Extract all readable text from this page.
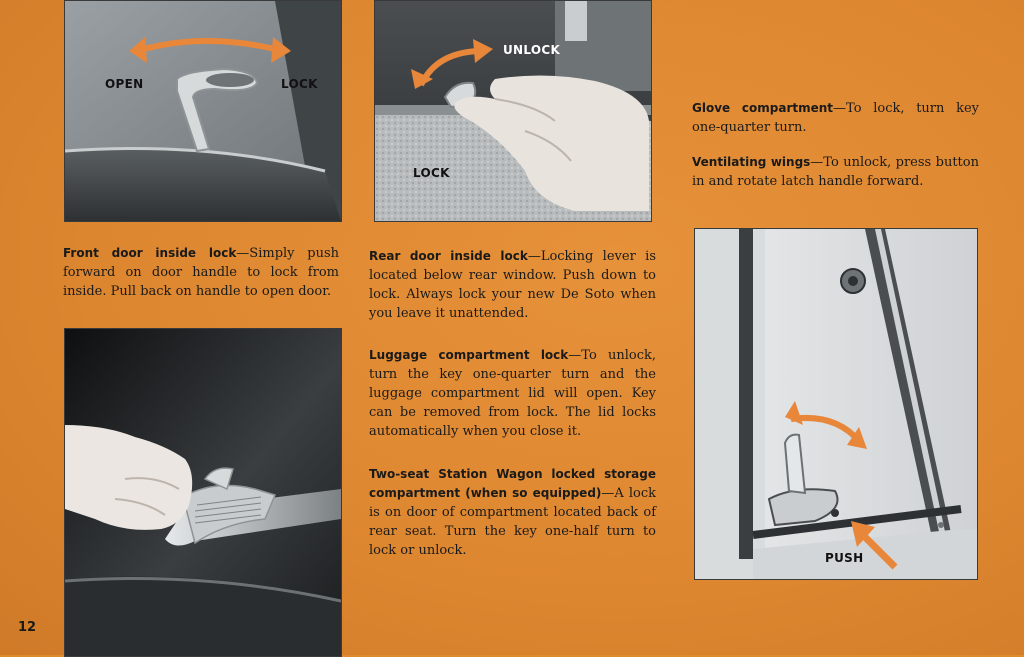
OPEN	LOCK
UNLOCK
LOCK
PUSH
Front door inside lock—Simply push forward on door handle to lock from inside. Pull back on handle to open door.
Rear door inside lock—Locking lever is located below rear window. Push down to lock. Always lock your new De Soto when you leave it unattended.
Luggage compartment lock—To unlock, turn the key one-quarter turn and the luggage compartment lid will open. Key can be removed from lock. The lid locks automatically when you close it.
Two-seat Station Wagon locked storage compartment (when so equipped)—A lock is on door of compartment located back of rear seat. Turn the key one-half turn to lock or unlock.
Glove compartment—To lock, turn key one-quarter turn.
Ventilating wings—To unlock, press button in and rotate latch handle forward.
12
